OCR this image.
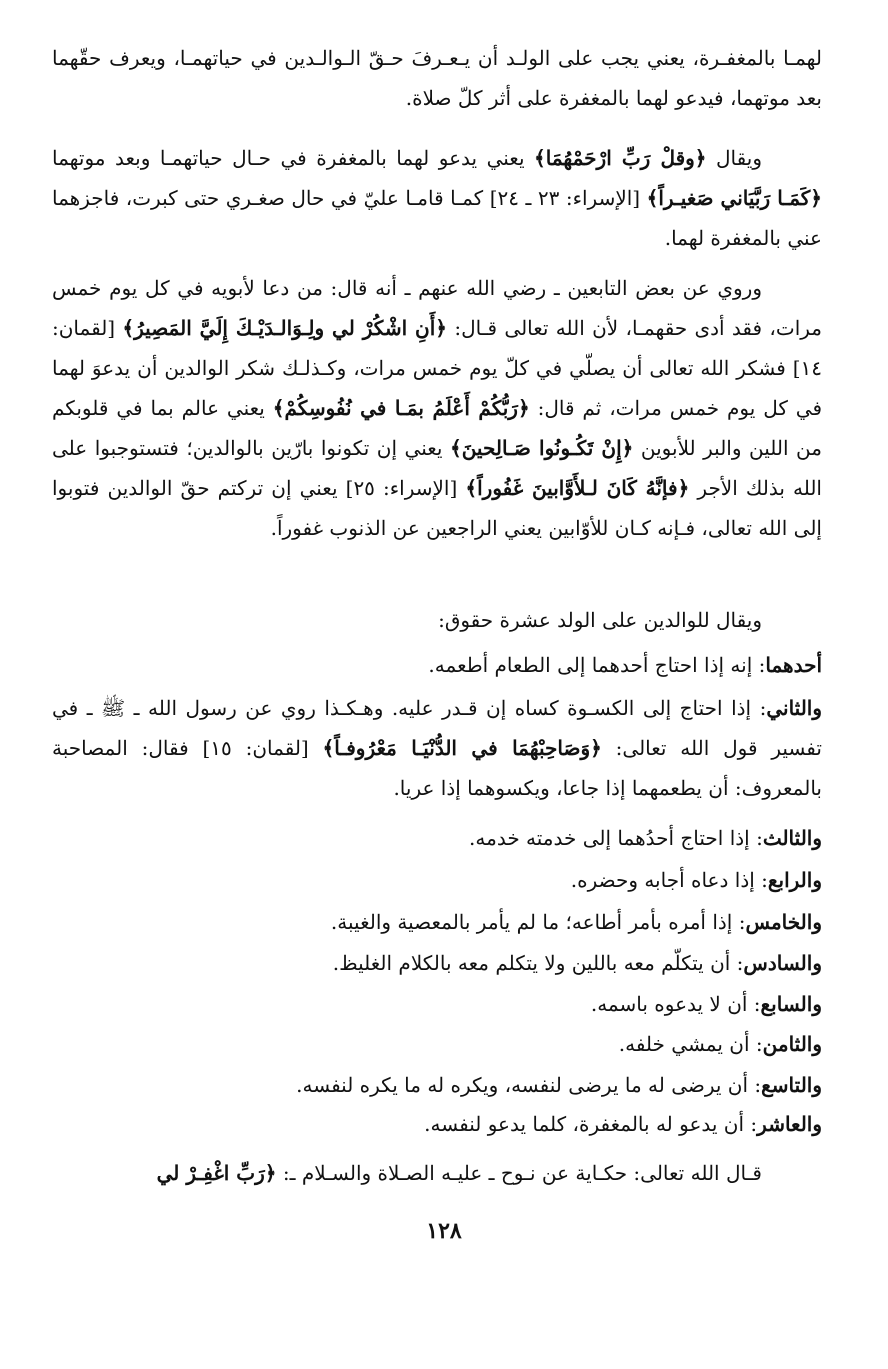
لهمـا بالمغفـرة، يعني يجب على الولـد أن يـعـرفَ حـقّ الـوالـدين في حياتهمـا، ويعرف حقّهما بعد موتهما، فيدعو لهما بالمغفرة على أثر كلّ صلاة.

ويقال ﴿وقلْ رَبِّ ارْحَمْهُمَا﴾ يعني يدعو لهما بالمغفرة في حـال حياتهمـا وبعد موتهما ﴿كَمَـا رَبَّيَاني صَغيـراً﴾ [الإسراء: ٢٣ ـ ٢٤] كمـا قامـا عليّ في حال صغـري حتى كبرت، فاجزهما عني بالمغفرة لهما.

وروي عن بعض التابعين ـ رضي الله عنهم ـ أنه قال: من دعا لأبويه في كل يوم خمس مرات، فقد أدى حقهمـا، لأن الله تعالى قـال: ﴿أَنِ اشْكُرْ لي ولِـوَالـدَيْـكَ إِلَيَّ المَصِيرُ﴾ [لقمان: ١٤] فشكر الله تعالى أن يصلّي في كلّ يوم خمس مرات، وكـذلـك شكر الوالدين أن يدعوَ لهما في كل يوم خمس مرات، ثم قال: ﴿رَبُّكُمْ أَعْلَمُ بمَـا في نُفُوسِكُمْ﴾ يعني عالم بما في قلوبكم من اللين والبر للأبوين ﴿إِنْ تَكُـونُوا صَـالِحينَ﴾ يعني إن تكونوا بارّين بالوالدين؛ فتستوجبوا على الله بذلك الأجر ﴿فإنَّهُ كَانَ لـلأَوَّابينَ غَفُوراً﴾ [الإسراء: ٢٥] يعني إن تركتم حقّ الوالدين فتوبوا إلى الله تعالى، فـإنه كـان للأوّابين يعني الراجعين عن الذنوب غفوراً.

ويقال للوالدين على الولد عشرة حقوق:

أحدهما: إنه إذا احتاج أحدهما إلى الطعام أطعمه.

والثاني: إذا احتاج إلى الكسـوة كساه إن قـدر عليه. وهـكـذا روي عن رسول الله ـ ﷺ ـ في تفسير قول الله تعالى: ﴿وَصَاحِبْهُمَا في الدُّنْيَـا مَعْرُوفـاً﴾ [لقمان: ١٥] فقال: المصاحبة بالمعروف: أن يطعمهما إذا جاعا، ويكسوهما إذا عريا.

والثالث: إذا احتاج أحدُهما إلى خدمته خدمه.
والرابع: إذا دعاه أجابه وحضره.
والخامس: إذا أمره بأمر أطاعه؛ ما لم يأمر بالمعصية والغيبة.
والسادس: أن يتكلّم معه باللين ولا يتكلم معه بالكلام الغليظ.
والسابع: أن لا يدعوه باسمه.
والثامن: أن يمشي خلفه.
والتاسع: أن يرضى له ما يرضى لنفسه، ويكره له ما يكره لنفسه.
والعاشر: أن يدعو له بالمغفرة، كلما يدعو لنفسه.

قـال الله تعالى: حكـاية عن نـوح ـ عليـه الصـلاة والسـلام ـ: ﴿رَبِّ اغْفِـرْ لي

١٢٨
